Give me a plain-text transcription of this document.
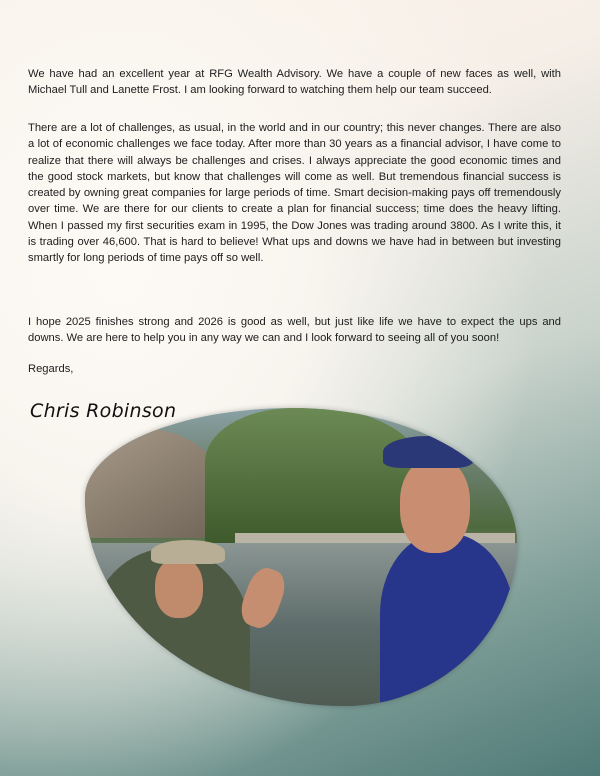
We have had an excellent year at RFG Wealth Advisory. We have a couple of new faces as well, with Michael Tull and Lanette Frost. I am looking forward to watching them help our team succeed.

There are a lot of challenges, as usual, in the world and in our country; this never changes. There are also a lot of economic challenges we face today. After more than 30 years as a financial advisor, I have come to realize that there will always be challenges and crises. I always appreciate the good economic times and the good stock markets, but know that challenges will come as well. But tremendous financial success is created by owning great companies for large periods of time. Smart decision-making pays off tremendously over time. We are there for our clients to create a plan for financial success; time does the heavy lifting. When I passed my first securities exam in 1995, the Dow Jones was trading around 3800. As I write this, it is trading over 46,600. That is hard to believe! What ups and downs we have had in between but investing smartly for long periods of time pays off so well.

I hope 2025 finishes strong and 2026 is good as well, but just like life we have to expect the ups and downs. We are here to help you in any way we can and I look forward to seeing all of you soon!

Regards,
Chris Robinson
